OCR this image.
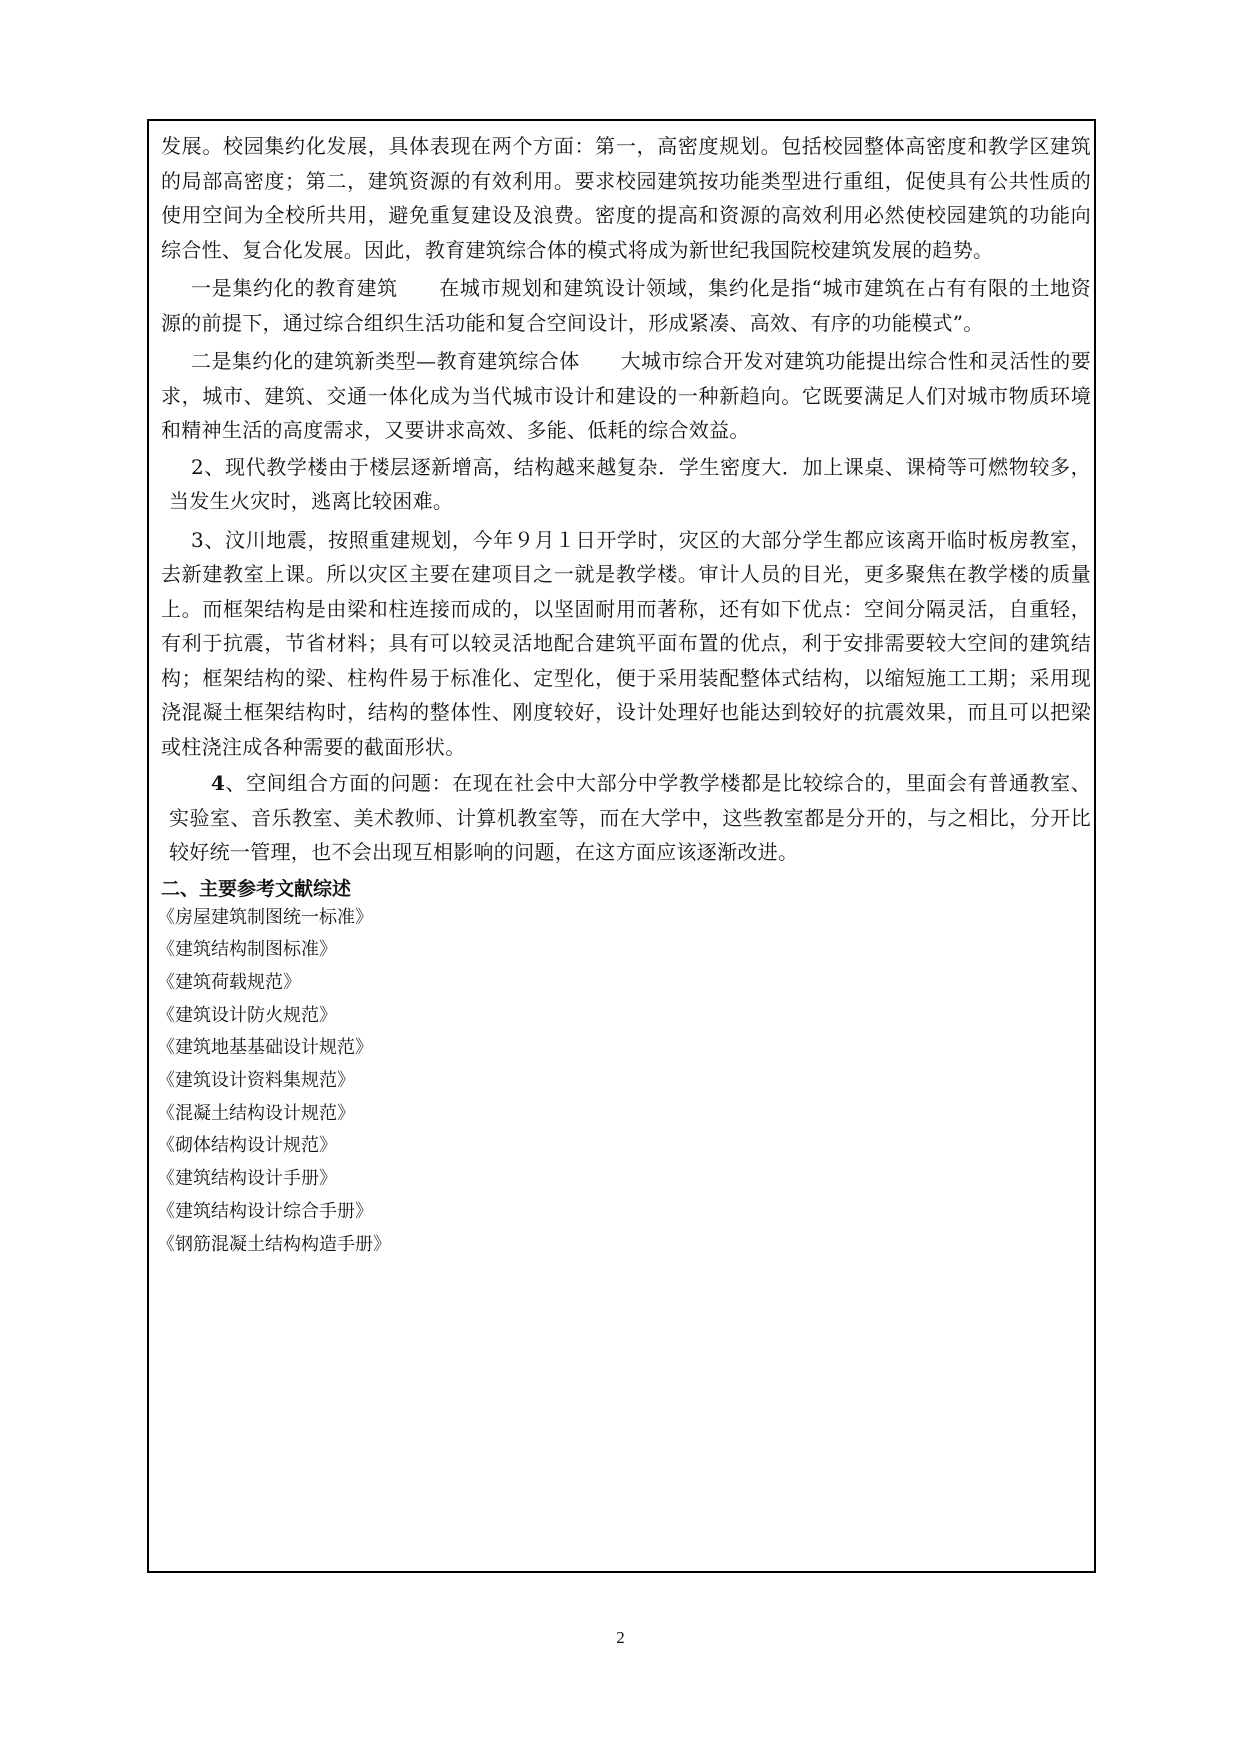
发展。校园集约化发展，具体表现在两个方面：第一，高密度规划。包括校园整体高密度和教学区建筑的局部高密度；第二，建筑资源的有效利用。要求校园建筑按功能类型进行重组，促使具有公共性质的使用空间为全校所共用，避免重复建设及浪费。密度的提高和资源的高效利用必然使校园建筑的功能向综合性、复合化发展。因此，教育建筑综合体的模式将成为新世纪我国院校建筑发展的趋势。

一是集约化的教育建筑　　在城市规划和建筑设计领域，集约化是指“城市建筑在占有有限的土地资源的前提下，通过综合组织生活功能和复合空间设计，形成紧凑、高效、有序的功能模式”。

二是集约化的建筑新类型—教育建筑综合体　　大城市综合开发对建筑功能提出综合性和灵活性的要求，城市、建筑、交通一体化成为当代城市设计和建设的一种新趋向。它既要满足人们对城市物质环境和精神生活的高度需求，又要讲求高效、多能、低耗的综合效益。

2、现代教学楼由于楼层逐新增高，结构越来越复杂．学生密度大．加上课桌、课椅等可燃物较多，当发生火灾时，逃离比较困难。

3、汶川地震，按照重建规划，今年９月１日开学时，灾区的大部分学生都应该离开临时板房教室，去新建教室上课。所以灾区主要在建项目之一就是教学楼。审计人员的目光，更多聚焦在教学楼的质量上。而框架结构是由梁和柱连接而成的，以坚固耐用而著称，还有如下优点：空间分隔灵活，自重轻，有利于抗震，节省材料；具有可以较灵活地配合建筑平面布置的优点，利于安排需要较大空间的建筑结构；框架结构的梁、柱构件易于标准化、定型化，便于采用装配整体式结构，以缩短施工工期；采用现浇混凝土框架结构时，结构的整体性、刚度较好，设计处理好也能达到较好的抗震效果，而且可以把梁或柱浇注成各种需要的截面形状。

4、空间组合方面的问题：在现在社会中大部分中学教学楼都是比较综合的，里面会有普通教室、实验室、音乐教室、美术教师、计算机教室等，而在大学中，这些教室都是分开的，与之相比，分开比较好统一管理，也不会出现互相影响的问题，在这方面应该逐渐改进。

二、主要参考文献综述
《房屋建筑制图统一标准》
《建筑结构制图标准》
《建筑荷载规范》
《建筑设计防火规范》
《建筑地基基础设计规范》
《建筑设计资料集规范》
《混凝土结构设计规范》
《砌体结构设计规范》
《建筑结构设计手册》
《建筑结构设计综合手册》
《钢筋混凝土结构构造手册》
2
